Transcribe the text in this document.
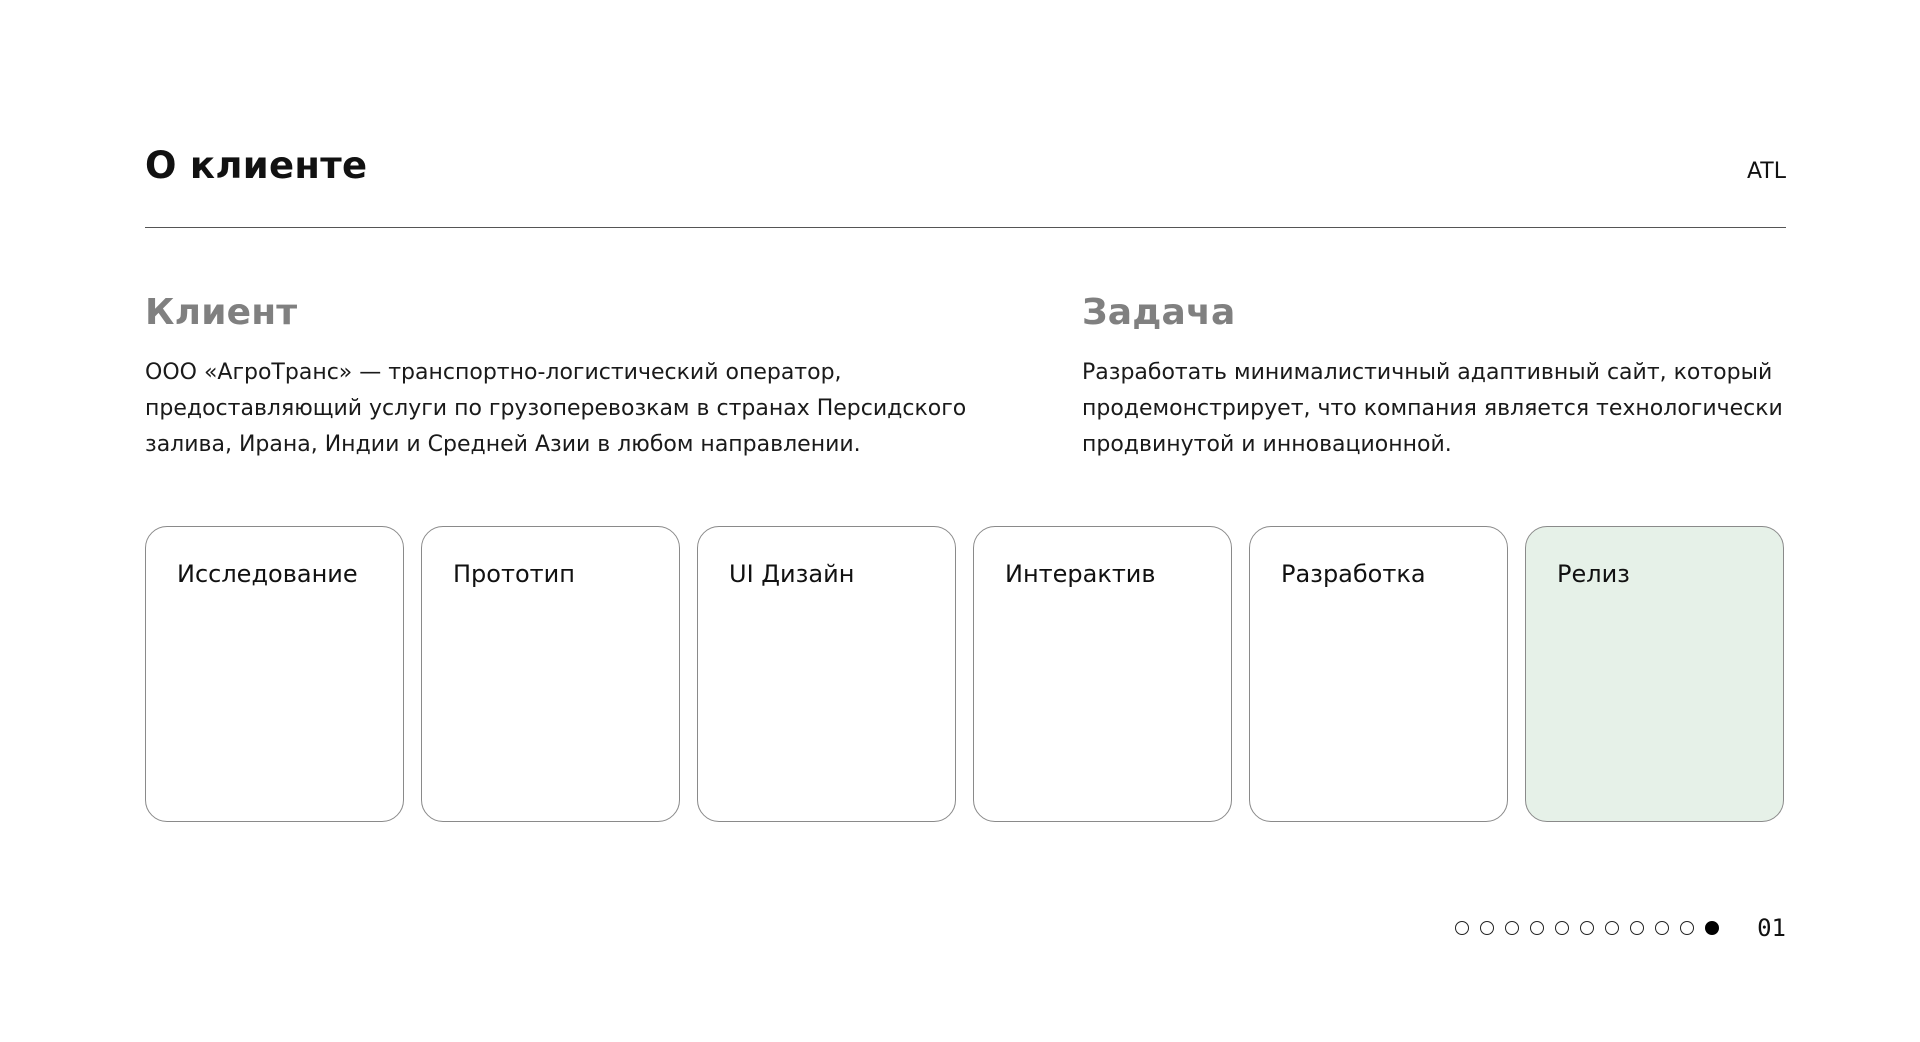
О клиенте	ATL
Клиент

ООО «АгроТранс» — транспортно-логистический оператор, предоставляющий услуги по грузоперевозкам в странах Персидского залива, Ирана, Индии и Средней Азии в любом направлении.

Задача

Разработать минималистичный адаптивный сайт, который продемонстрирует, что компания является технологически продвинутой и инновационной.

Исследование	Прототип	UI Дизайн	Интерактив	Разработка	Релиз
01
